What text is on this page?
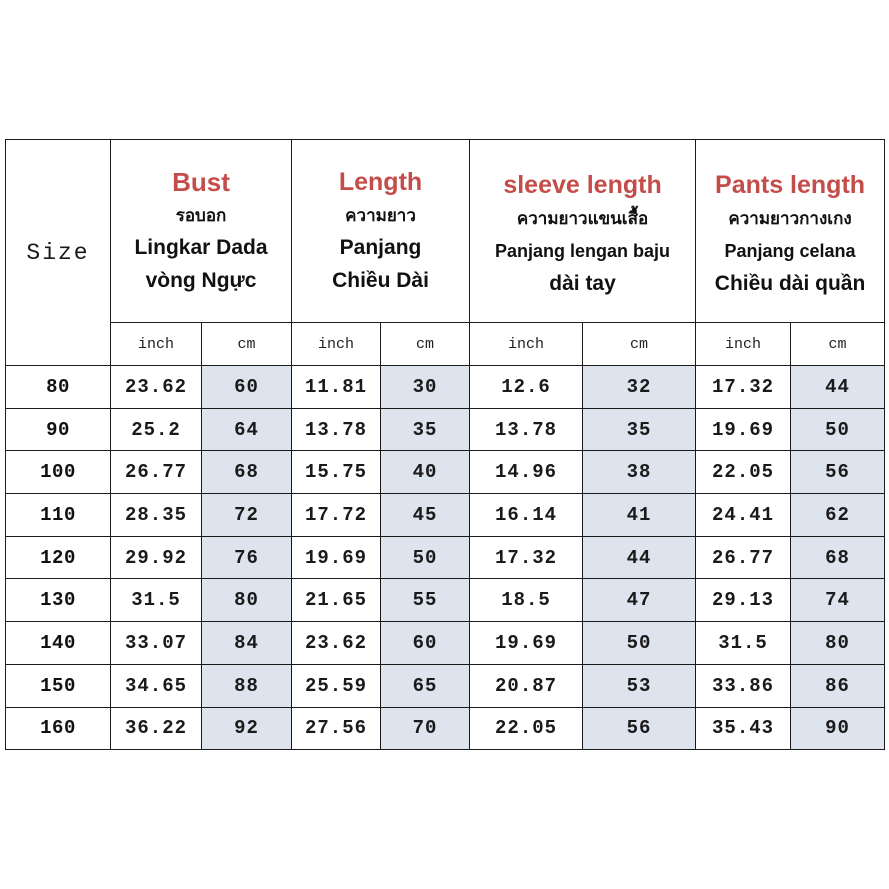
Size	Bust
รอบอก
Lingkar Dada
vòng Ngực		Length
ความยาว
Panjang
Chiều Dài		sleeve length
ความยาวแขนเสื้อ
Panjang lengan baju
dài tay		Pants length
ความยาวกางเกง
Panjang celana
Chiều dài quần	

	inch	cm	inch	cm	inch	cm	inch	cm
80	23.62	60	11.81	30	12.6	32	17.32	44
90	25.2	64	13.78	35	13.78	35	19.69	50
100	26.77	68	15.75	40	14.96	38	22.05	56
110	28.35	72	17.72	45	16.14	41	24.41	62
120	29.92	76	19.69	50	17.32	44	26.77	68
130	31.5	80	21.65	55	18.5	47	29.13	74
140	33.07	84	23.62	60	19.69	50	31.5	80
150	34.65	88	25.59	65	20.87	53	33.86	86
160	36.22	92	27.56	70	22.05	56	35.43	90
